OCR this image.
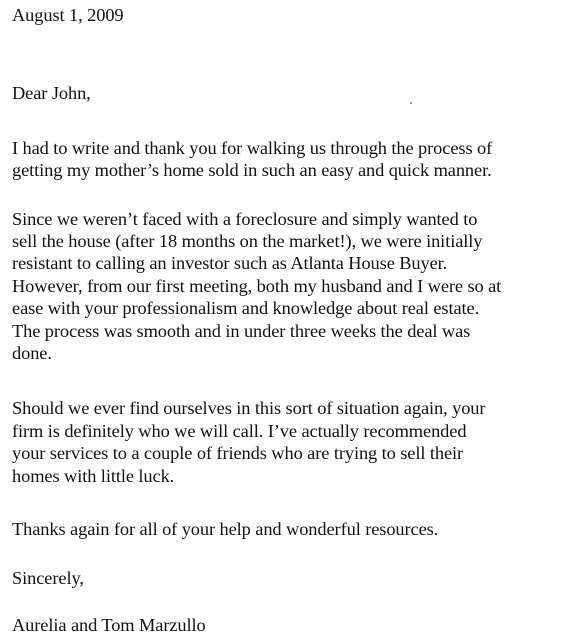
August 1, 2009
Dear John,
I had to write and thank you for walking us through the process of
getting my mother’s home sold in such an easy and quick manner.
Since we weren’t faced with a foreclosure and simply wanted to
sell the house (after 18 months on the market!), we were initially
resistant to calling an investor such as Atlanta House Buyer.
However, from our first meeting, both my husband and I were so at
ease with your professionalism and knowledge about real estate.
The process was smooth and in under three weeks the deal was
done.
Should we ever find ourselves in this sort of situation again, your
firm is definitely who we will call. I’ve actually recommended
your services to a couple of friends who are trying to sell their
homes with little luck.
Thanks again for all of your help and wonderful resources.
Sincerely,
Aurelia and Tom Marzullo
